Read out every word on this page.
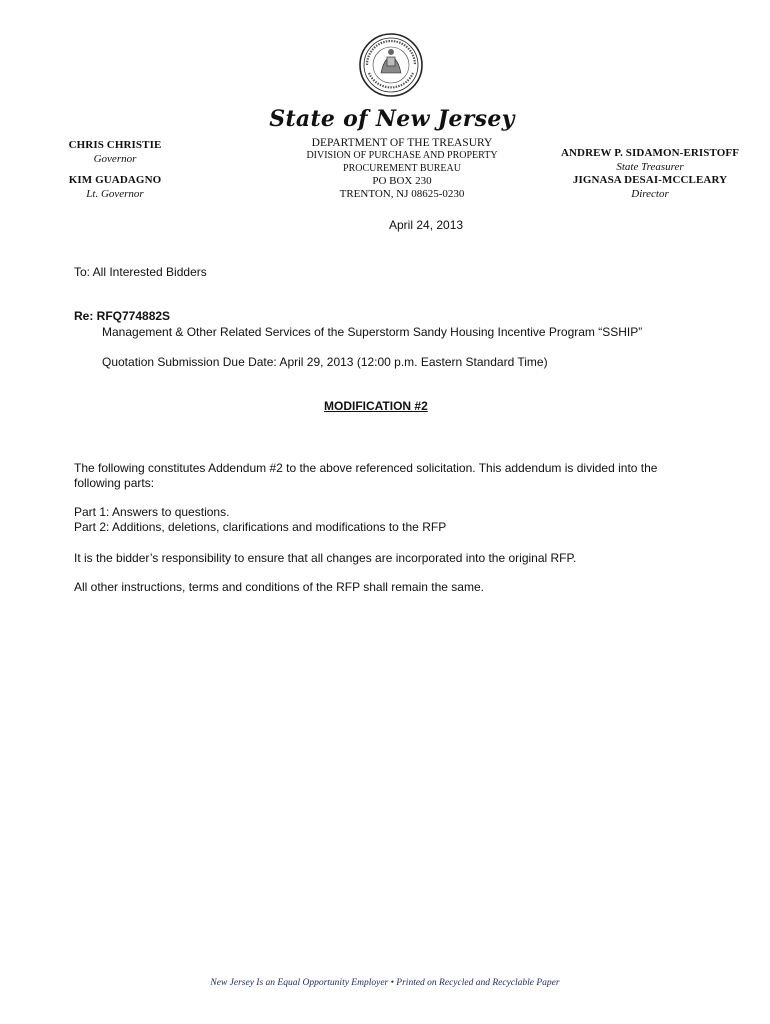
State of New Jersey
CHRIS CHRISTIE
Governor
KIM GUADAGNO
Lt. Governor
DEPARTMENT OF THE TREASURY
DIVISION OF PURCHASE AND PROPERTY
PROCUREMENT BUREAU
PO BOX 230
TRENTON, NJ 08625-0230
ANDREW P. SIDAMON-ERISTOFF
State Treasurer
JIGNASA DESAI-MCCLEARY
Director
April 24, 2013
To: All Interested Bidders
Re: RFQ774882S
Management & Other Related Services of the Superstorm Sandy Housing Incentive Program “SSHIP”
Quotation Submission Due Date: April 29, 2013 (12:00 p.m. Eastern Standard Time)
MODIFICATION #2
The following constitutes Addendum #2 to the above referenced solicitation. This addendum is divided into the following parts:
Part 1: Answers to questions.
Part 2: Additions, deletions, clarifications and modifications to the RFP
It is the bidder’s responsibility to ensure that all changes are incorporated into the original RFP.
All other instructions, terms and conditions of the RFP shall remain the same.
New Jersey Is an Equal Opportunity Employer • Printed on Recycled and Recyclable Paper
